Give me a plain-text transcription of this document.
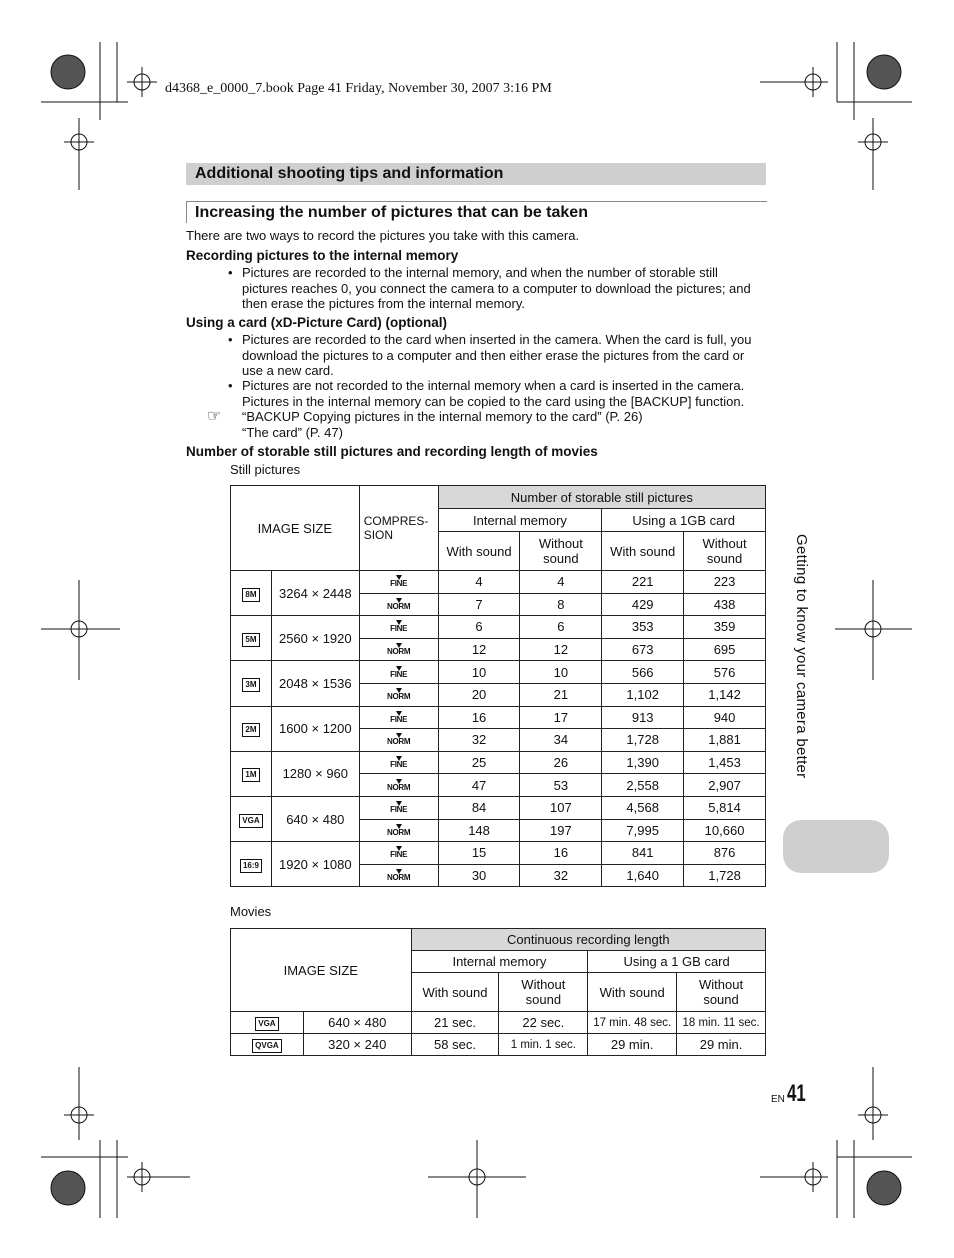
d4368_e_0000_7.book Page 41 Friday, November 30, 2007 3:16 PM
Additional shooting tips and information
Increasing the number of pictures that can be taken
There are two ways to record the pictures you take with this camera.
Recording pictures to the internal memory
• Pictures are recorded to the internal memory, and when the number of storable still pictures reaches 0, you connect the camera to a computer to download the pictures; and then erase the pictures from the internal memory.
Using a card (xD-Picture Card) (optional)
• Pictures are recorded to the card when inserted in the camera. When the card is full, you download the pictures to a computer and then either erase the pictures from the card or use a new card.
• Pictures are not recorded to the internal memory when a card is inserted in the camera. Pictures in the internal memory can be copied to the card using the [BACKUP] function.
☞ “BACKUP Copying pictures in the internal memory to the card” (P. 26)
“The card” (P. 47)
Number of storable still pictures and recording length of movies
Still pictures
IMAGE SIZE		COMPRES-
SION	Number of storable still pictures			
			Internal memory		Using a 1GB card	
			With sound	Without
sound	With sound	Without
sound
8M	3264 × 2448	FINE	4	4	221	223
		NORM	7	8	429	438
5M	2560 × 1920	FINE	6	6	353	359
		NORM	12	12	673	695
3M	2048 × 1536	FINE	10	10	566	576
		NORM	20	21	1,102	1,142
2M	1600 × 1200	FINE	16	17	913	940
		NORM	32	34	1,728	1,881
1M	1280 × 960	FINE	25	26	1,390	1,453
		NORM	47	53	2,558	2,907
VGA	640 × 480	FINE	84	107	4,568	5,814
		NORM	148	197	7,995	10,660
16:9	1920 × 1080	FINE	15	16	841	876
		NORM	30	32	1,640	1,728
Movies
IMAGE SIZE		Continuous recording length			
		Internal memory		Using a 1 GB card	
		With sound	Without
sound	With sound	Without
sound
VGA	640 × 480	21 sec.	22 sec.	17 min. 48 sec.	18 min. 11 sec.
QVGA	320 × 240	58 sec.	1 min. 1 sec.	29 min.	29 min.
Getting to know your camera better
EN 41
